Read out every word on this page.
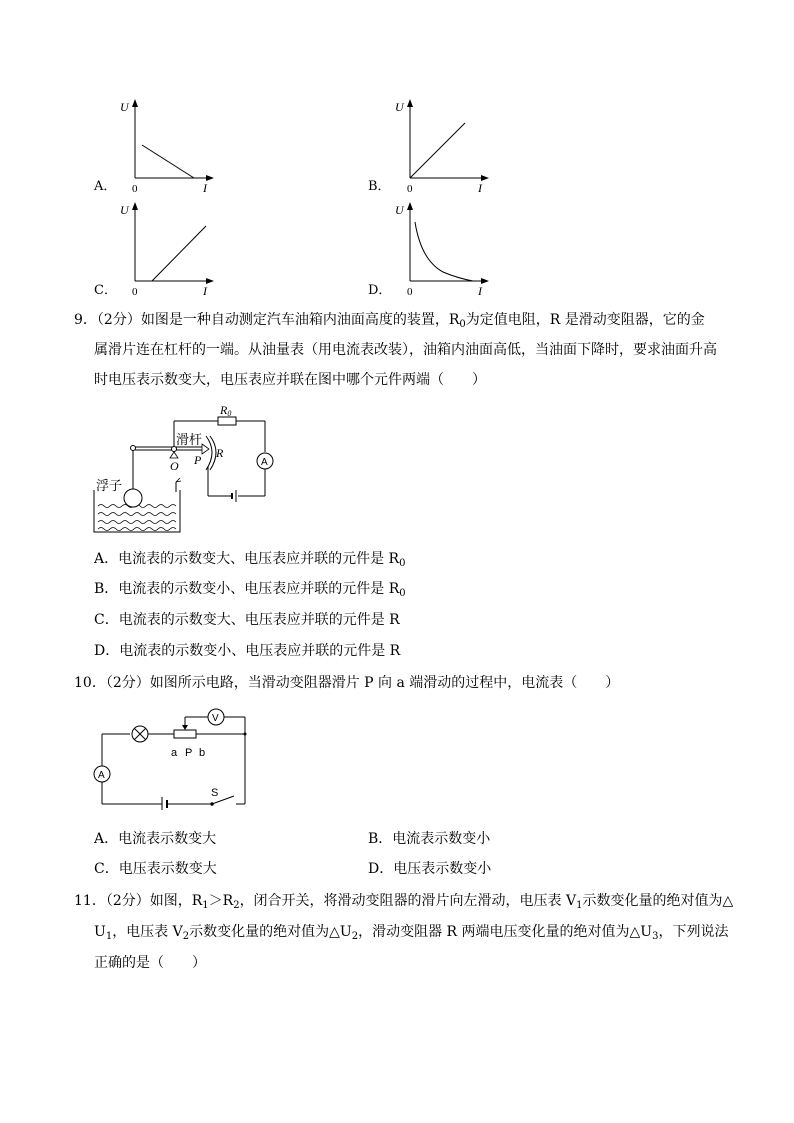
A．
U
0	I	B．
U
0	I
C．
U
0	I	D．
U
0	I
9．（2分）如图是一种自动测定汽车油箱内油面高度的装置，$R_0$为定值电阻，R 是滑动变阻器，它的金
属滑片连在杠杆的一端。从油量表（用电流表改装），油箱内油面高低，当油面下降时，要求油面升高
时电压表示数变大，电压表应并联在图中哪个元件两端（　　）
A
R0
滑杆
O P R
浮子
A．电流表的示数变大、电压表应并联的元件是 $R_0$
B．电流表的示数变小、电压表应并联的元件是 $R_0$
C．电流表的示数变大、电压表应并联的元件是 R
D．电流表的示数变小、电压表应并联的元件是 R
10．（2分）如图所示电路，当滑动变阻器滑片 P 向 a 端滑动的过程中，电流表（　　）
V
A
a P b
S
A．电流表示数变大	B．电流表示数变小
C．电压表示数变大	D．电压表示数变小
11．（2分）如图，$R_1>R_2$，闭合开关，将滑动变阻器的滑片向左滑动，电压表 $V_1$示数变化量的绝对值为△
$U_1$，电压表 $V_2$示数变化量的绝对值为$\triangle U_2$，滑动变阻器 R 两端电压变化量的绝对值为$\triangle U_3$，下列说法
正确的是（　　）
